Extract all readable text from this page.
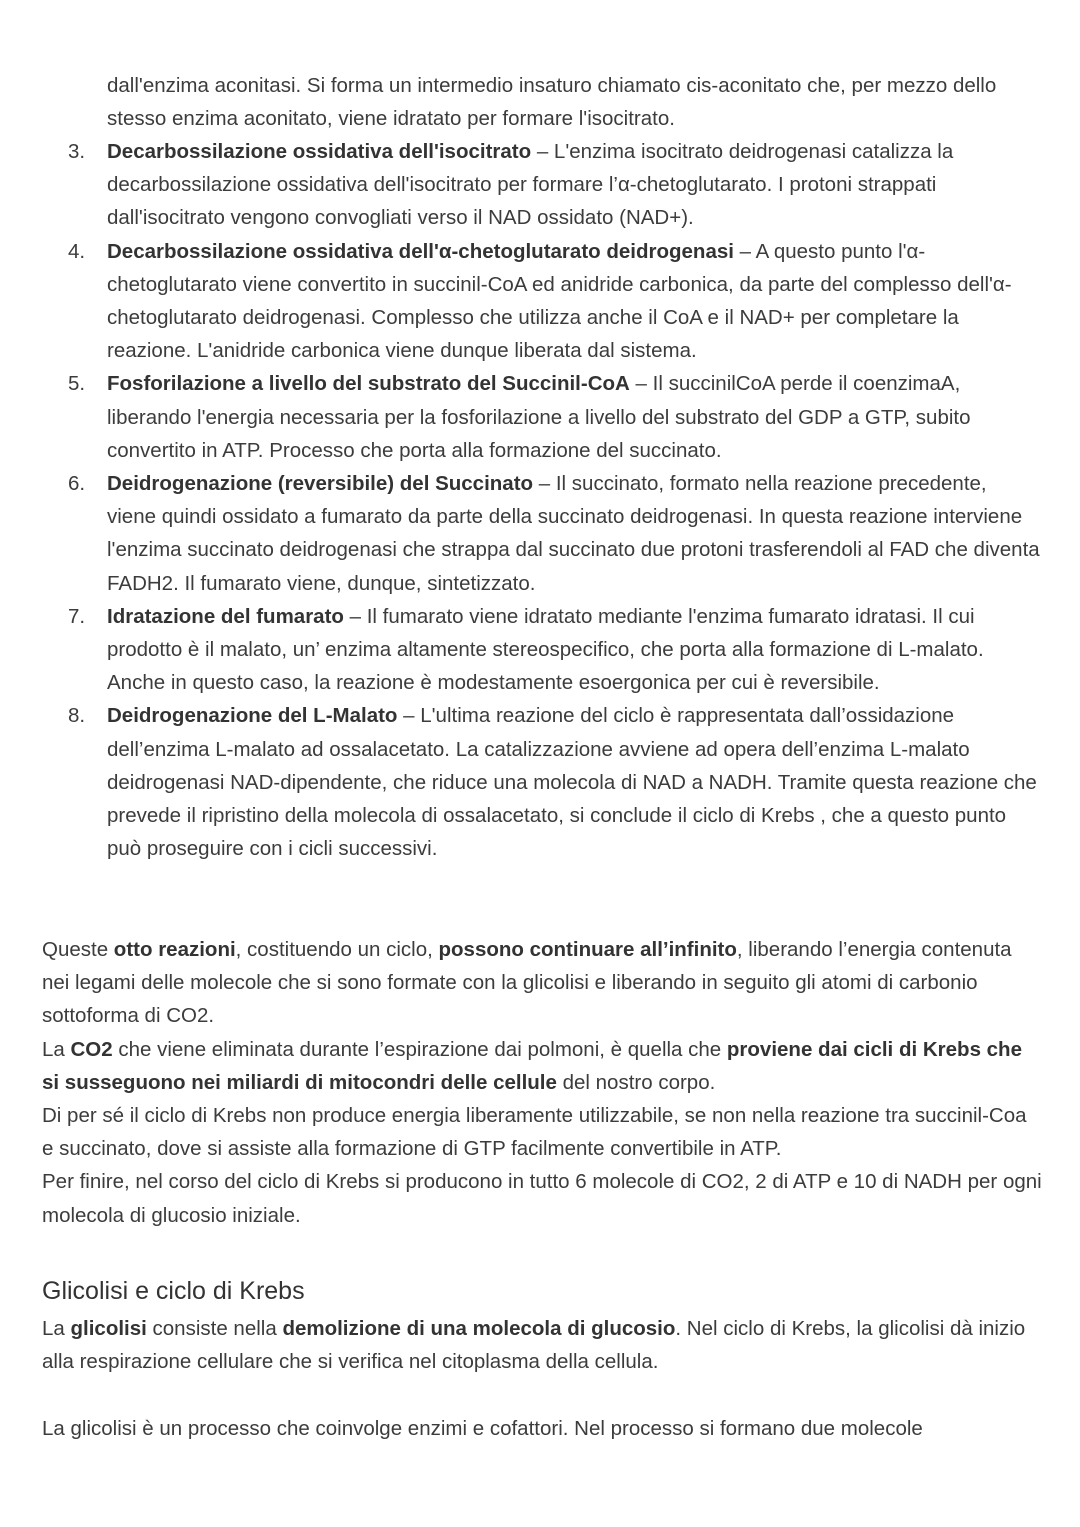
dall'enzima aconitasi. Si forma un intermedio insaturo chiamato cis-aconitato che, per mezzo dello stesso enzima aconitato, viene idratato per formare l'isocitrato.

3. Decarbossilazione ossidativa dell'isocitrato – L'enzima isocitrato deidrogenasi catalizza la decarbossilazione ossidativa dell'isocitrato per formare l’α-chetoglutarato. I protoni strappati dall'isocitrato vengono convogliati verso il NAD ossidato (NAD+).
4. Decarbossilazione ossidativa dell'α-chetoglutarato deidrogenasi – A questo punto l'α-chetoglutarato viene convertito in succinil-CoA ed anidride carbonica, da parte del complesso dell'α-chetoglutarato deidrogenasi. Complesso che utilizza anche il CoA e il NAD+ per completare la reazione. L'anidride carbonica viene dunque liberata dal sistema.
5. Fosforilazione a livello del substrato del Succinil-CoA – Il succinilCoA perde il coenzimaA, liberando l'energia necessaria per la fosforilazione a livello del substrato del GDP a GTP, subito convertito in ATP. Processo che porta alla formazione del succinato.
6. Deidrogenazione (reversibile) del Succinato – Il succinato, formato nella reazione precedente, viene quindi ossidato a fumarato da parte della succinato deidrogenasi. In questa reazione interviene l'enzima succinato deidrogenasi che strappa dal succinato due protoni trasferendoli al FAD che diventa FADH2. Il fumarato viene, dunque, sintetizzato.
7. Idratazione del fumarato – Il fumarato viene idratato mediante l'enzima fumarato idratasi. Il cui prodotto è il malato, un’ enzima altamente stereospecifico, che porta alla formazione di L-malato. Anche in questo caso, la reazione è modestamente esoergonica per cui è reversibile.
8. Deidrogenazione del L-Malato – L'ultima reazione del ciclo è rappresentata dall’ossidazione dell’enzima L-malato ad ossalacetato. La catalizzazione avviene ad opera dell’enzima L-malato deidrogenasi NAD-dipendente, che riduce una molecola di NAD a NADH. Tramite questa reazione che prevede il ripristino della molecola di ossalacetato, si conclude il ciclo di Krebs , che a questo punto può proseguire con i cicli successivi.

Queste otto reazioni, costituendo un ciclo, possono continuare all’infinito, liberando l’energia contenuta nei legami delle molecole che si sono formate con la glicolisi e liberando in seguito gli atomi di carbonio sottoforma di CO2.
La CO2 che viene eliminata durante l’espirazione dai polmoni, è quella che proviene dai cicli di Krebs che si susseguono nei miliardi di mitocondri delle cellule del nostro corpo.
Di per sé il ciclo di Krebs non produce energia liberamente utilizzabile, se non nella reazione tra succinil-Coa e succinato, dove si assiste alla formazione di GTP facilmente convertibile in ATP.
Per finire, nel corso del ciclo di Krebs si producono in tutto 6 molecole di CO2, 2 di ATP e 10 di NADH per ogni molecola di glucosio iniziale.

Glicolisi e ciclo di Krebs

La glicolisi consiste nella demolizione di una molecola di glucosio. Nel ciclo di Krebs, la glicolisi dà inizio alla respirazione cellulare che si verifica nel citoplasma della cellula.

La glicolisi è un processo che coinvolge enzimi e cofattori. Nel processo si formano due molecole
